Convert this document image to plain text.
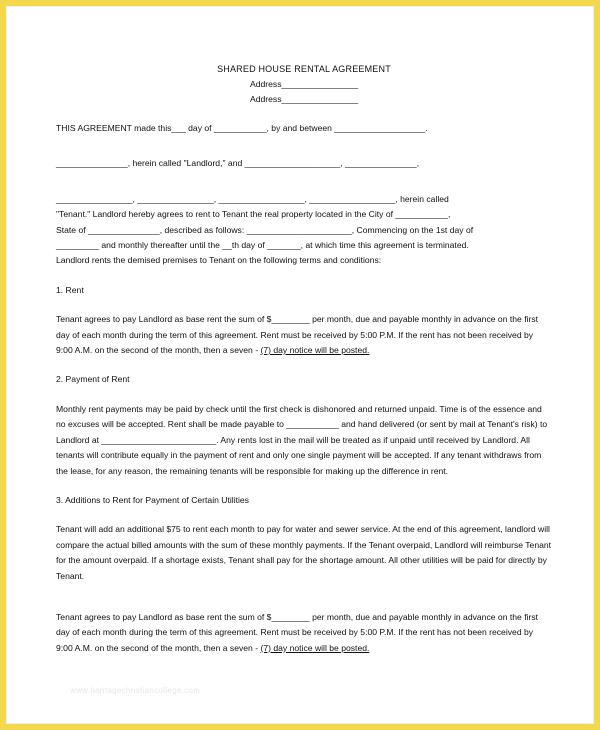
SHARED HOUSE RENTAL AGREEMENT

Address________________

Address________________

THIS AGREEMENT made this___ day of ___________, by and between ___________________.

_______________, herein called "Landlord," and ____________________, _______________,

________________, ________________, __________________, __________________, herein called

"Tenant." Landlord hereby agrees to rent to Tenant the real property located in the City of ___________,

State of _______________, described as follows: ______________________, Commencing on the 1st day of

_________ and monthly thereafter until the __th day of _______, at which time this agreement is terminated.

Landlord rents the demised premises to Tenant on the following terms and conditions:

1. Rent

Tenant agrees to pay Landlord as base rent the sum of $________ per month, due and payable monthly in advance on the first day of each month during the term of this agreement. Rent must be received by 5:00 P.M. If the rent has not been received by 9:00 A.M. on the second of the month, then a seven - (7) day notice will be posted.

2. Payment of Rent

Monthly rent payments may be paid by check until the first check is dishonored and returned unpaid. Time is of the essence and no excuses will be accepted. Rent shall be made payable to ___________ and hand delivered (or sent by mail at Tenant's risk) to Landlord at ________________________. Any rents lost in the mail will be treated as if unpaid until received by Landlord. All tenants will contribute equally in the payment of rent and only one single payment will be accepted. If any tenant withdraws from the lease, for any reason, the remaining tenants will be responsible for making up the difference in rent.

3. Additions to Rent for Payment of Certain Utilities

Tenant will add an additional $75 to rent each month to pay for water and sewer service. At the end of this agreement, landlord will compare the actual billed amounts with the sum of these monthly payments. If the Tenant overpaid, Landlord will reimburse Tenant for the amount overpaid. If a shortage exists, Tenant shall pay for the shortage amount. All other utilities will be paid for directly by Tenant.

Tenant agrees to pay Landlord as base rent the sum of $________ per month, due and payable monthly in advance on the first day of each month during the term of this agreement. Rent must be received by 5:00 P.M. If the rent has not been received by 9:00 A.M. on the second of the month, then a seven - (7) day notice will be posted.

www.heritagechristiancollege.com
